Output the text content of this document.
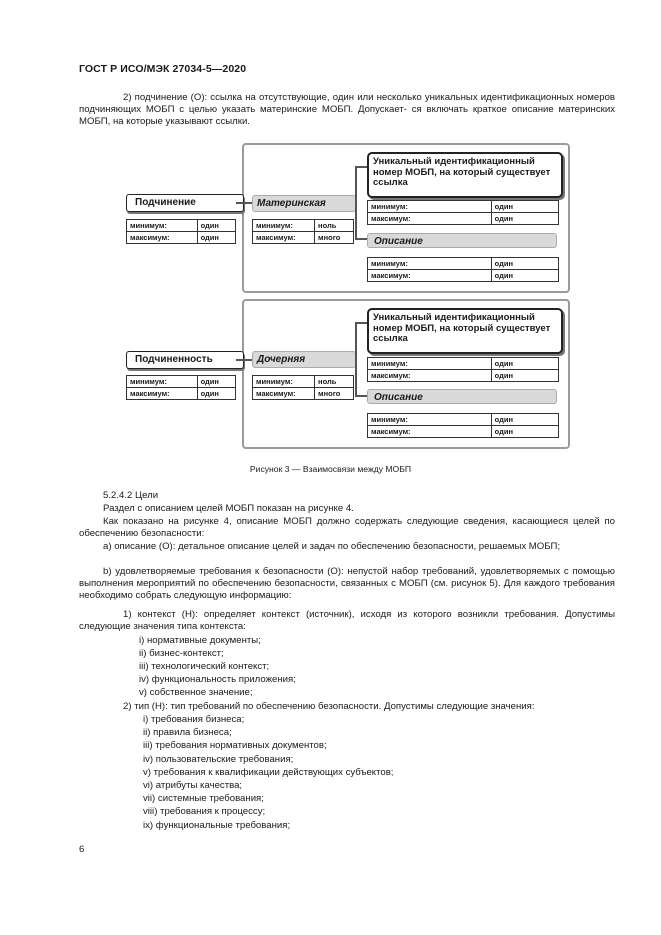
ГОСТ Р ИСО/МЭК 27034-5—2020
2) подчинение (О): ссылка на отсутствующие, один или несколько уникальных идентификационных номеров подчиняющих МОБП с целью указать материнские МОБП. Допускает- ся включать краткое описание материнских МОБП, на которые указывают ссылки.
Подчинение
минимум:	один
максимум:	один
Материнская
минимум:	ноль
максимум:	много
Уникальный идентификационный номер МОБП, на который существует ссылка
минимум:	один
максимум:	один
Описание
минимум:	один
максимум:	один
Подчиненность
минимум:	один
максимум:	один
Дочерняя
минимум:	ноль
максимум:	много
Уникальный идентификационный номер МОБП, на который существует ссылка
минимум:	один
максимум:	один
Описание
минимум:	один
максимум:	один
Рисунок 3 — Взаимосвязи между МОБП
5.2.4.2 Цели
Раздел с описанием целей МОБП показан на рисунке 4.
Как показано на рисунке 4, описание МОБП должно содержать следующие сведения, касающиеся целей по обеспечению безопасности:
а) описание (О): детальное описание целей и задач по обеспечению безопасности, решаемых МОБП;
b) удовлетворяемые требования к безопасности (О): непустой набор требований, удовлетворяемых с помощью выполнения мероприятий по обеспечению безопасности, связанных с МОБП (см. рисунок 5). Для каждого требования необходимо собрать следующую информацию:
1) контекст (Н): определяет контекст (источник), исходя из которого возникли требования. Допустимы следующие значения типа контекста:
i) нормативные документы;
ii) бизнес-контекст;
iii) технологический контекст;
iv) функциональность приложения;
v) собственное значение;
2) тип (Н): тип требований по обеспечению безопасности. Допустимы следующие значения:
i) требования бизнеса;
ii) правила бизнеса;
iii) требования нормативных документов;
iv) пользовательские требования;
v) требования к квалификации действующих субъектов;
vi) атрибуты качества;
vii) системные требования;
viii) требования к процессу;
ix) функциональные требования;
6
